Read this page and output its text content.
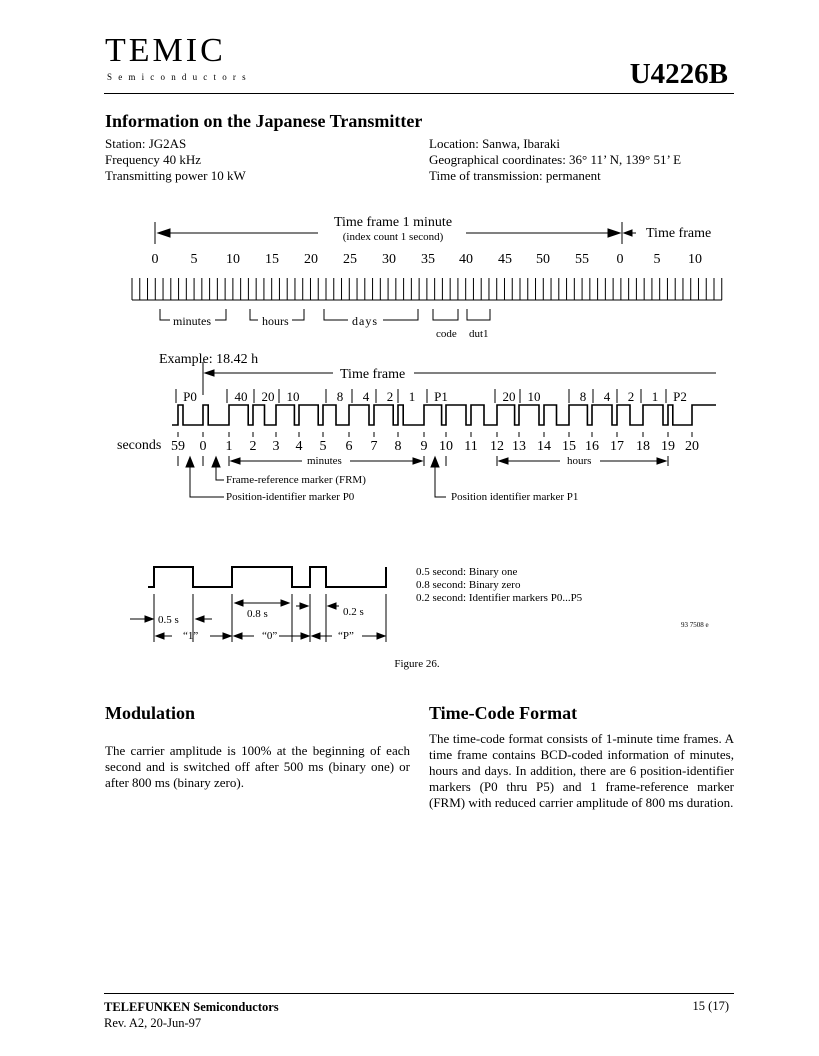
TEMIC
Semiconductors	U4226B
Information on the Japanese Transmitter
Station: JG2AS
Frequency 40 kHz
Transmitting power 10 kW
Location: Sanwa, Ibaraki
Geographical coordinates: 36° 11’ N, 139° 51’ E
Time of transmission: permanent
Time frame 1 minute
(index count 1 second)	Time frame
0 5 10 15 20 25 30 35 40 45 50 55 0 5 10
minutes	hours	days
code dut1
Example: 18.42 h
Time frame
P0	40 20 10	8 4 2 1 P1	20 10	8 4 2 1 P2
seconds 59 0 1 2 3 4 5 6 7 8 9 10 11 12 13 14 15 16 17 18 19 20
minutes	hours
Frame-reference marker (FRM)
Position-identifier marker P0	Position identifier marker P1
0.5 s	0.8 s	0.2 s
“1”	“0”	“P”
0.5 second: Binary one
0.8 second: Binary zero
0.2 second: Identifier markers P0...P5
93 7508 e
Figure 26.
Modulation
The carrier amplitude is 100% at the beginning of each second and is switched off after 500 ms (binary one) or after 800 ms (binary zero).
Time-Code Format
The time-code format consists of 1-minute time frames. A time frame contains BCD-coded information of minutes, hours and days. In addition, there are 6 position-identifier markers (P0 thru P5) and 1 frame-reference marker (FRM) with reduced carrier amplitude of 800 ms duration.
TELEFUNKEN Semiconductors
Rev. A2, 20-Jun-97
15 (17)
